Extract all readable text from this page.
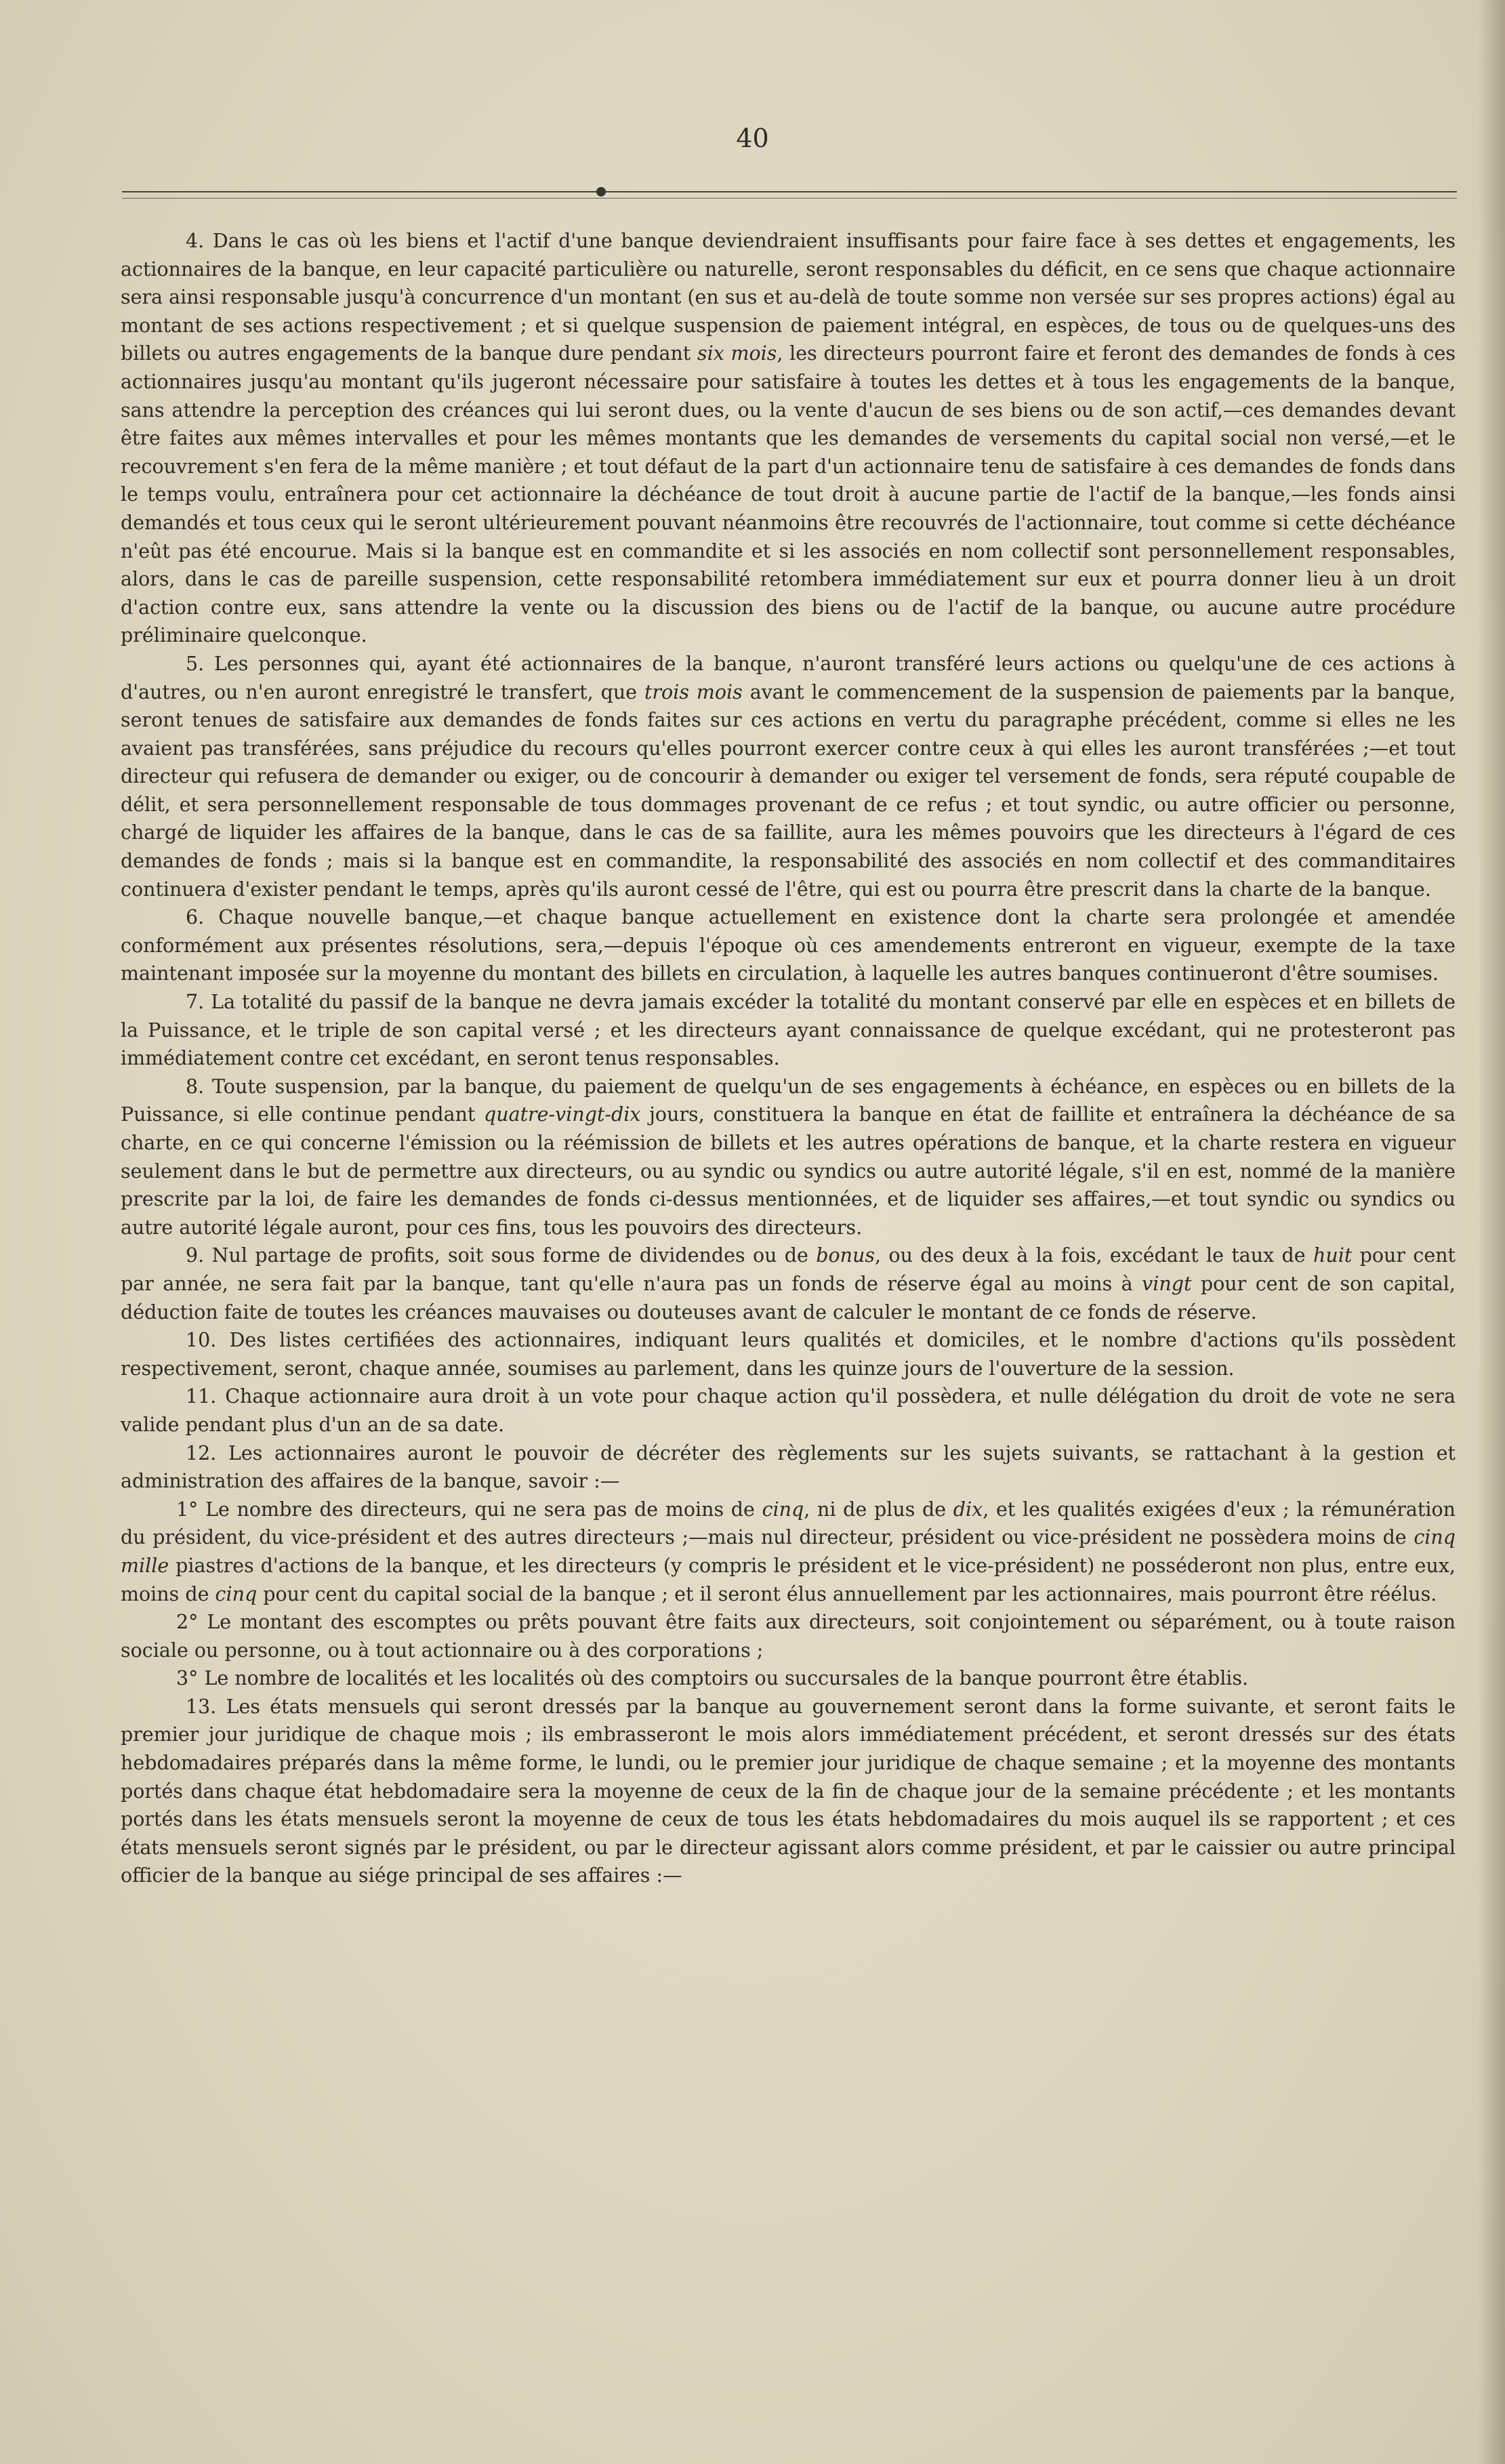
40

4. Dans le cas où les biens et l'actif d'une banque deviendraient insuffisants pour faire face à ses dettes et engagements, les actionnaires de la banque, en leur capacité particulière ou naturelle, seront responsables du déficit, en ce sens que chaque actionnaire sera ainsi responsable jusqu'à concurrence d'un montant (en sus et au-delà de toute somme non versée sur ses propres actions) égal au montant de ses actions respectivement ; et si quelque suspension de paiement intégral, en espèces, de tous ou de quelques-uns des billets ou autres engagements de la banque dure pendant six mois, les directeurs pourront faire et feront des demandes de fonds à ces actionnaires jusqu'au montant qu'ils jugeront nécessaire pour satisfaire à toutes les dettes et à tous les engagements de la banque, sans attendre la perception des créances qui lui seront dues, ou la vente d'aucun de ses biens ou de son actif,—ces demandes devant être faites aux mêmes intervalles et pour les mêmes montants que les demandes de versements du capital social non versé,—et le recouvrement s'en fera de la même manière ; et tout défaut de la part d'un actionnaire tenu de satisfaire à ces demandes de fonds dans le temps voulu, entraînera pour cet actionnaire la déchéance de tout droit à aucune partie de l'actif de la banque,—les fonds ainsi demandés et tous ceux qui le seront ultérieurement pouvant néanmoins être recouvrés de l'actionnaire, tout comme si cette déchéance n'eût pas été encourue. Mais si la banque est en commandite et si les associés en nom collectif sont personnellement responsables, alors, dans le cas de pareille suspension, cette responsabilité retombera immédiatement sur eux et pourra donner lieu à un droit d'action contre eux, sans attendre la vente ou la discussion des biens ou de l'actif de la banque, ou aucune autre procédure préliminaire quelconque.

5. Les personnes qui, ayant été actionnaires de la banque, n'auront transféré leurs actions ou quelqu'une de ces actions à d'autres, ou n'en auront enregistré le transfert, que trois mois avant le commencement de la suspension de paiements par la banque, seront tenues de satisfaire aux demandes de fonds faites sur ces actions en vertu du paragraphe précédent, comme si elles ne les avaient pas transférées, sans préjudice du recours qu'elles pourront exercer contre ceux à qui elles les auront transférées ;—et tout directeur qui refusera de demander ou exiger, ou de concourir à demander ou exiger tel versement de fonds, sera réputé coupable de délit, et sera personnellement responsable de tous dommages provenant de ce refus ; et tout syndic, ou autre officier ou personne, chargé de liquider les affaires de la banque, dans le cas de sa faillite, aura les mêmes pouvoirs que les directeurs à l'égard de ces demandes de fonds ; mais si la banque est en commandite, la responsabilité des associés en nom collectif et des commanditaires continuera d'exister pendant le temps, après qu'ils auront cessé de l'être, qui est ou pourra être prescrit dans la charte de la banque.

6. Chaque nouvelle banque,—et chaque banque actuellement en existence dont la charte sera prolongée et amendée conformément aux présentes résolutions, sera,—depuis l'époque où ces amendements entreront en vigueur, exempte de la taxe maintenant imposée sur la moyenne du montant des billets en circulation, à laquelle les autres banques continueront d'être soumises.

7. La totalité du passif de la banque ne devra jamais excéder la totalité du montant conservé par elle en espèces et en billets de la Puissance, et le triple de son capital versé ; et les directeurs ayant connaissance de quelque excédant, qui ne protesteront pas immédiatement contre cet excédant, en seront tenus responsables.

8. Toute suspension, par la banque, du paiement de quelqu'un de ses engagements à échéance, en espèces ou en billets de la Puissance, si elle continue pendant quatre-vingt-dix jours, constituera la banque en état de faillite et entraînera la déchéance de sa charte, en ce qui concerne l'émission ou la réémission de billets et les autres opérations de banque, et la charte restera en vigueur seulement dans le but de permettre aux directeurs, ou au syndic ou syndics ou autre autorité légale, s'il en est, nommé de la manière prescrite par la loi, de faire les demandes de fonds ci-dessus mentionnées, et de liquider ses affaires,—et tout syndic ou syndics ou autre autorité légale auront, pour ces fins, tous les pouvoirs des directeurs.

9. Nul partage de profits, soit sous forme de dividendes ou de bonus, ou des deux à la fois, excédant le taux de huit pour cent par année, ne sera fait par la banque, tant qu'elle n'aura pas un fonds de réserve égal au moins à vingt pour cent de son capital, déduction faite de toutes les créances mauvaises ou douteuses avant de calculer le montant de ce fonds de réserve.

10. Des listes certifiées des actionnaires, indiquant leurs qualités et domiciles, et le nombre d'actions qu'ils possèdent respectivement, seront, chaque année, soumises au parlement, dans les quinze jours de l'ouverture de la session.

11. Chaque actionnaire aura droit à un vote pour chaque action qu'il possèdera, et nulle délégation du droit de vote ne sera valide pendant plus d'un an de sa date.

12. Les actionnaires auront le pouvoir de décréter des règlements sur les sujets suivants, se rattachant à la gestion et administration des affaires de la banque, savoir :—

1° Le nombre des directeurs, qui ne sera pas de moins de cinq, ni de plus de dix, et les qualités exigées d'eux ; la rémunération du président, du vice-président et des autres directeurs ;—mais nul directeur, président ou vice-président ne possèdera moins de cinq mille piastres d'actions de la banque, et les directeurs (y compris le président et le vice-président) ne posséderont non plus, entre eux, moins de cinq pour cent du capital social de la banque ; et il seront élus annuellement par les actionnaires, mais pourront être réélus.

2° Le montant des escomptes ou prêts pouvant être faits aux directeurs, soit conjointement ou séparément, ou à toute raison sociale ou personne, ou à tout actionnaire ou à des corporations ;

3° Le nombre de localités et les localités où des comptoirs ou succursales de la banque pourront être établis.

13. Les états mensuels qui seront dressés par la banque au gouvernement seront dans la forme suivante, et seront faits le premier jour juridique de chaque mois ; ils embrasseront le mois alors immédiatement précédent, et seront dressés sur des états hebdomadaires préparés dans la même forme, le lundi, ou le premier jour juridique de chaque semaine ; et la moyenne des montants portés dans chaque état hebdomadaire sera la moyenne de ceux de la fin de chaque jour de la semaine précédente ; et les montants portés dans les états mensuels seront la moyenne de ceux de tous les états hebdomadaires du mois auquel ils se rapportent ; et ces états mensuels seront signés par le président, ou par le directeur agissant alors comme président, et par le caissier ou autre principal officier de la banque au siége principal de ses affaires :—
